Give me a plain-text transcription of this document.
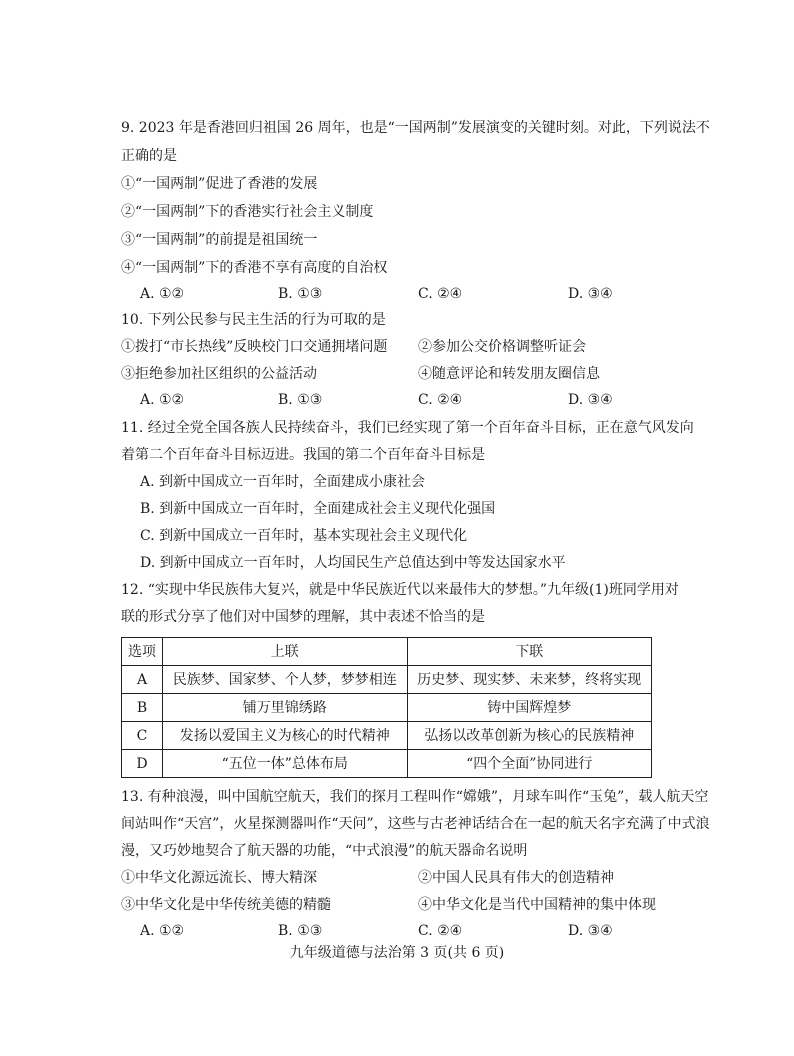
9. 2023 年是香港回归祖国 26 周年，也是“一国两制”发展演变的关键时刻。对此，下列说法不
正确的是
①“一国两制”促进了香港的发展
②“一国两制”下的香港实行社会主义制度
③“一国两制”的前提是祖国统一
④“一国两制”下的香港不享有高度的自治权
A. ①②	B. ①③	C. ②④	D. ③④
10. 下列公民参与民主生活的行为可取的是
①拨打“市长热线”反映校门口交通拥堵问题 ②参加公交价格调整听证会
③拒绝参加社区组织的公益活动	④随意评论和转发朋友圈信息
A. ①②	B. ①③	C. ②④	D. ③④
11. 经过全党全国各族人民持续奋斗，我们已经实现了第一个百年奋斗目标，正在意气风发向
着第二个百年奋斗目标迈进。我国的第二个百年奋斗目标是
A. 到新中国成立一百年时，全面建成小康社会
B. 到新中国成立一百年时，全面建成社会主义现代化强国
C. 到新中国成立一百年时，基本实现社会主义现代化
D. 到新中国成立一百年时，人均国民生产总值达到中等发达国家水平
12. “实现中华民族伟大复兴，就是中华民族近代以来最伟大的梦想。”九年级(1)班同学用对
联的形式分享了他们对中国梦的理解，其中表述不恰当的是
选项	上联	下联
A	民族梦、国家梦、个人梦，梦梦相连	历史梦、现实梦、未来梦，终将实现
B	铺万里锦绣路	铸中国辉煌梦
C	发扬以爱国主义为核心的时代精神	弘扬以改革创新为核心的民族精神
D	“五位一体”总体布局	“四个全面”协同进行
13. 有种浪漫，叫中国航空航天，我们的探月工程叫作“嫦娥”，月球车叫作“玉兔”，载人航天空
间站叫作“天宫”，火星探测器叫作“天问”，这些与古老神话结合在一起的航天名字充满了中式浪
漫，又巧妙地契合了航天器的功能，“中式浪漫”的航天器命名说明
①中华文化源远流长、博大精深	②中国人民具有伟大的创造精神
③中华文化是中华传统美德的精髓	④中华文化是当代中国精神的集中体现
A. ①②	B. ①③	C. ②④	D. ③④
九年级道德与法治第 3 页(共 6 页)
